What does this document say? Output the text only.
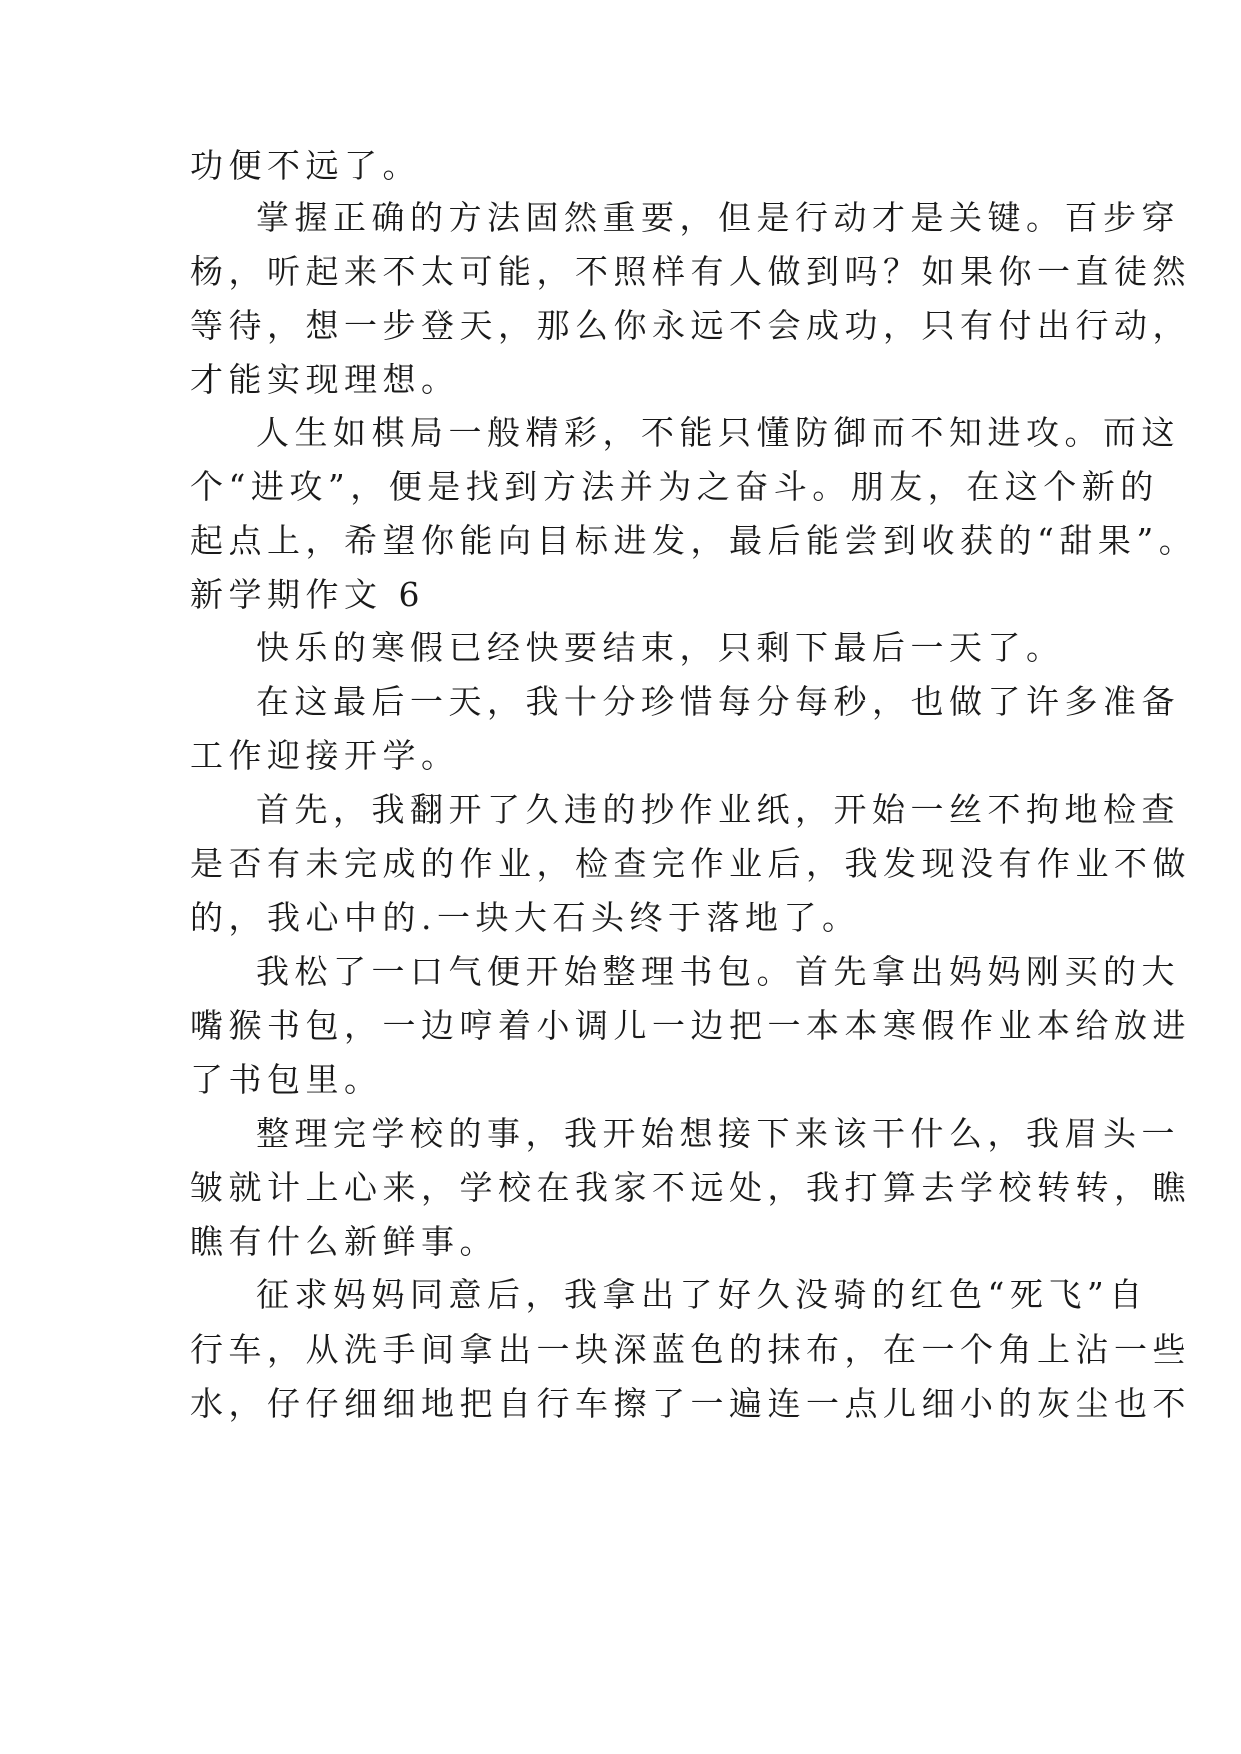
功便不远了。
掌握正确的方法固然重要，但是行动才是关键。百步穿
杨，听起来不太可能，不照样有人做到吗？如果你一直徒然
等待，想一步登天，那么你永远不会成功，只有付出行动，
才能实现理想。
人生如棋局一般精彩，不能只懂防御而不知进攻。而这
个“进攻”，便是找到方法并为之奋斗。朋友，在这个新的
起点上，希望你能向目标进发，最后能尝到收获的“甜果”。
新学期作文 6
快乐的寒假已经快要结束，只剩下最后一天了。
在这最后一天，我十分珍惜每分每秒，也做了许多准备
工作迎接开学。
首先，我翻开了久违的抄作业纸，开始一丝不拘地检查
是否有未完成的作业，检查完作业后，我发现没有作业不做
的，我心中的.一块大石头终于落地了。
我松了一口气便开始整理书包。首先拿出妈妈刚买的大
嘴猴书包，一边哼着小调儿一边把一本本寒假作业本给放进
了书包里。
整理完学校的事，我开始想接下来该干什么，我眉头一
皱就计上心来，学校在我家不远处，我打算去学校转转，瞧
瞧有什么新鲜事。
征求妈妈同意后，我拿出了好久没骑的红色“死飞”自
行车，从洗手间拿出一块深蓝色的抹布，在一个角上沾一些
水，仔仔细细地把自行车擦了一遍连一点儿细小的灰尘也不
